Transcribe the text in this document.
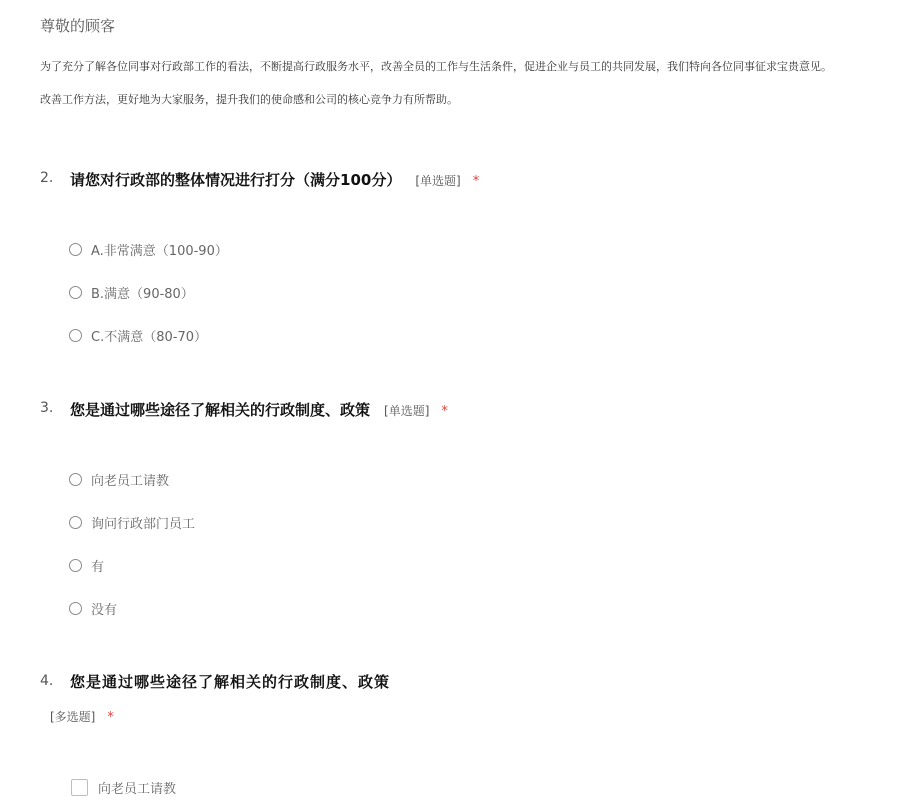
尊敬的顾客
为了充分了解各位同事对行政部工作的看法，不断提高行政服务水平，改善全员的工作与生活条件，促进企业与员工的共同发展，我们特向各位同事征求宝贵意见。
改善工作方法，更好地为大家服务，提升我们的使命感和公司的核心竞争力有所帮助。
2. 请您对行政部的整体情况进行打分（满分100分） [单选题] *
A.非常满意（100-90）
B.满意（90-80）
C.不满意（80-70）
3. 您是通过哪些途径了解相关的行政制度、政策 [单选题] *
向老员工请教
询问行政部门员工
有
没有
4. 您是通过哪些途径了解相关的行政制度、政策
[多选题] *
向老员工请教
